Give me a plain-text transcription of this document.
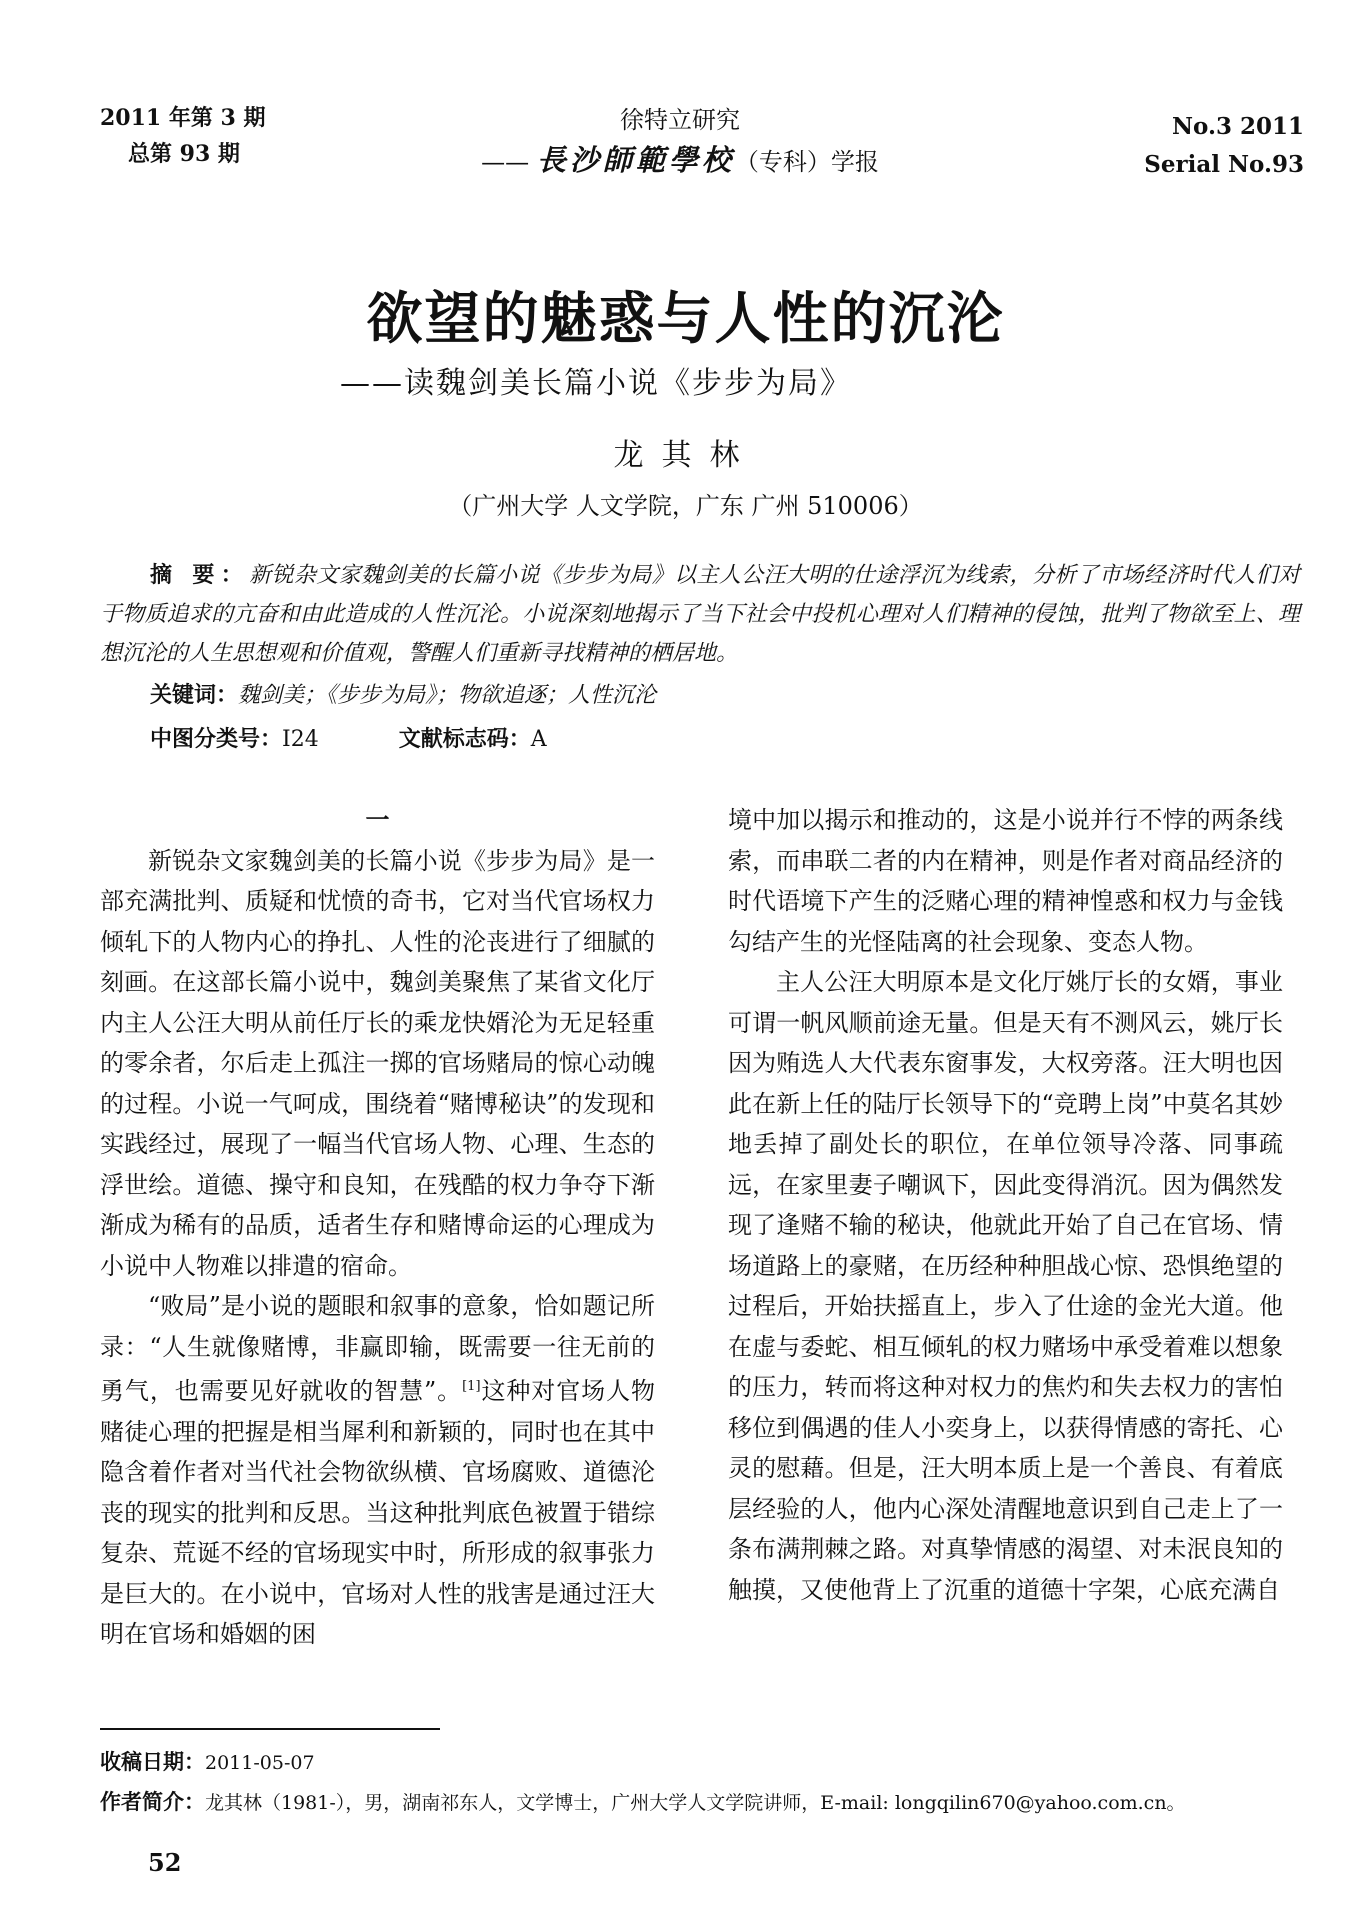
2011 年第 3 期
总第 93 期
徐特立研究
—— 長沙師範學校（专科）学报
No.3 2011
Serial No.93
欲望的魅惑与人性的沉沦
——读魏剑美长篇小说《步步为局》
龙其林
（广州大学 人文学院，广东 广州 510006）
摘 要：新锐杂文家魏剑美的长篇小说《步步为局》以主人公汪大明的仕途浮沉为线索，分析了市场经济时代人们对于物质追求的亢奋和由此造成的人性沉沦。小说深刻地揭示了当下社会中投机心理对人们精神的侵蚀，批判了物欲至上、理想沉沦的人生思想观和价值观，警醒人们重新寻找精神的栖居地。
关键词：魏剑美；《步步为局》；物欲追逐；人性沉沦
中图分类号：I24	文献标志码：A

一

新锐杂文家魏剑美的长篇小说《步步为局》是一部充满批判、质疑和忧愤的奇书，它对当代官场权力倾轧下的人物内心的挣扎、人性的沦丧进行了细腻的刻画。在这部长篇小说中，魏剑美聚焦了某省文化厅内主人公汪大明从前任厅长的乘龙快婿沦为无足轻重的零余者，尔后走上孤注一掷的官场赌局的惊心动魄的过程。小说一气呵成，围绕着“赌博秘诀”的发现和实践经过，展现了一幅当代官场人物、心理、生态的浮世绘。道德、操守和良知，在残酷的权力争夺下渐渐成为稀有的品质，适者生存和赌博命运的心理成为小说中人物难以排遣的宿命。

“败局”是小说的题眼和叙事的意象，恰如题记所录：“人生就像赌博，非赢即输，既需要一往无前的勇气，也需要见好就收的智慧”。[1]这种对官场人物赌徒心理的把握是相当犀利和新颖的，同时也在其中隐含着作者对当代社会物欲纵横、官场腐败、道德沦丧的现实的批判和反思。当这种批判底色被置于错综复杂、荒诞不经的官场现实中时，所形成的叙事张力是巨大的。在小说中，官场对人性的戕害是通过汪大明在官场和婚姻的困

境中加以揭示和推动的，这是小说并行不悖的两条线索，而串联二者的内在精神，则是作者对商品经济的时代语境下产生的泛赌心理的精神惶惑和权力与金钱勾结产生的光怪陆离的社会现象、变态人物。

主人公汪大明原本是文化厅姚厅长的女婿，事业可谓一帆风顺前途无量。但是天有不测风云，姚厅长因为贿选人大代表东窗事发，大权旁落。汪大明也因此在新上任的陆厅长领导下的“竞聘上岗”中莫名其妙地丢掉了副处长的职位，在单位领导冷落、同事疏远，在家里妻子嘲讽下，因此变得消沉。因为偶然发现了逢赌不输的秘诀，他就此开始了自己在官场、情场道路上的豪赌，在历经种种胆战心惊、恐惧绝望的过程后，开始扶摇直上，步入了仕途的金光大道。他在虚与委蛇、相互倾轧的权力赌场中承受着难以想象的压力，转而将这种对权力的焦灼和失去权力的害怕移位到偶遇的佳人小奕身上，以获得情感的寄托、心灵的慰藉。但是，汪大明本质上是一个善良、有着底层经验的人，他内心深处清醒地意识到自己走上了一条布满荆棘之路。对真挚情感的渴望、对未泯良知的触摸，又使他背上了沉重的道德十字架，心底充满自

收稿日期：2011-05-07
作者简介：龙其林（1981-），男，湖南祁东人，文学博士，广州大学人文学院讲师，E-mail: longqilin670@yahoo.com.cn。
52
